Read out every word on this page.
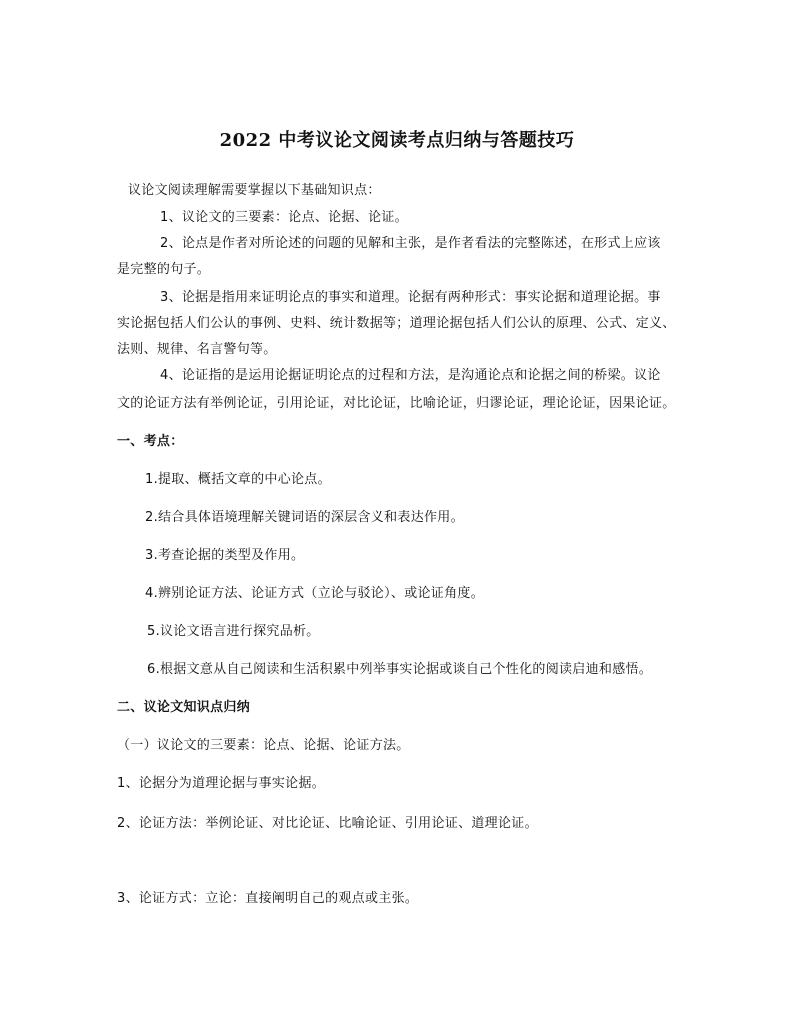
2022 中考议论文阅读考点归纳与答题技巧
议论文阅读理解需要掌握以下基础知识点：
1、议论文的三要素：论点、论据、论证。
2、论点是作者对所论述的问题的见解和主张，是作者看法的完整陈述，在形式上应该
是完整的句子。
3、论据是指用来证明论点的事实和道理。论据有两种形式：事实论据和道理论据。事
实论据包括人们公认的事例、史料、统计数据等；道理论据包括人们公认的原理、公式、定义、
法则、规律、名言警句等。
4、论证指的是运用论据证明论点的过程和方法，是沟通论点和论据之间的桥梁。议论
文的论证方法有举例论证，引用论证，对比论证，比喻论证，归谬论证，理论论证，因果论证。
一、考点：
1.提取、概括文章的中心论点。
2.结合具体语境理解关键词语的深层含义和表达作用。
3.考查论据的类型及作用。
4.辨别论证方法、论证方式（立论与驳论）、或论证角度。
5.议论文语言进行探究品析。
6.根据文意从自己阅读和生活积累中列举事实论据或谈自己个性化的阅读启迪和感悟。
二、议论文知识点归纳
（一）议论文的三要素：论点、论据、论证方法。
1、论据分为道理论据与事实论据。
2、论证方法：举例论证、对比论证、比喻论证、引用论证、道理论证。
3、论证方式：立论：直接阐明自己的观点或主张。
